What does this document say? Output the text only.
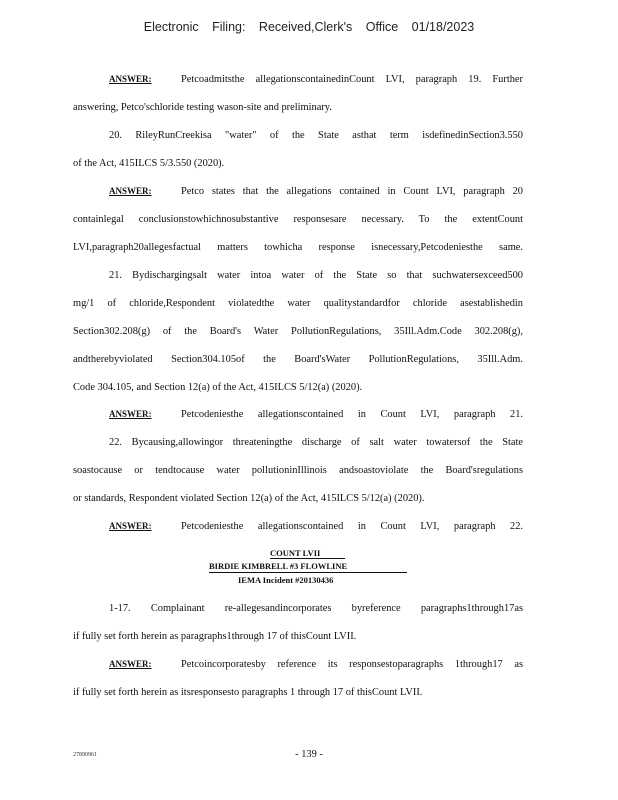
Electronic Filing: Received,Clerk's Office 01/18/2023
ANSWER:	Petcoadmitsthe allegationscontainedinCount LVI, paragraph 19. Further
answering, Petco'schloride testing wason-site and preliminary.
20. RileyRunCreekisa "water" of the State asthat term isdefinedinSection3.550
of the Act, 415ILCS 5/3.550 (2020).
ANSWER:	Petco states that the allegations contained in Count LVI, paragraph 20
containlegal conclusionstowhichnosubstantive responsesare necessary. To the extentCount
LVI,paragraph20allegesfactual matters towhicha response isnecessary,Petcodeniesthe same.
21. Bydischargingsalt water intoa water of the State so that suchwatersexceed500
mg/1 of chloride,Respondent violatedthe water qualitystandardfor chloride asestablishedin
Section302.208(g) of the Board's Water PollutionRegulations, 35Ill.Adm.Code 302.208(g),
andtherebyviolated Section304.105of the Board'sWater PollutionRegulations, 35Ill.Adm.
Code 304.105, and Section 12(a) of the Act, 415ILCS 5/12(a) (2020).
ANSWER:	Petcodeniesthe allegationscontained in Count LVI, paragraph 21.
22. Bycausing,allowingor threateningthe discharge of salt water towatersof the State
soastocause or tendtocause water pollutioninIllinois andsoastoviolate the Board'sregulations
or standards, Respondent violated Section 12(a) of the Act, 415ILCS 5/12(a) (2020).
ANSWER:	Petcodeniesthe allegationscontained in Count LVI, paragraph 22.
COUNT LVII
BIRDIE KIMBRELL #3 FLOWLINE
IEMA Incident #20130436
1-17. Complainant re-allegesandincorporates byreference paragraphs1through17as
if fully set forth herein as paragraphs1through 17 of thisCount LVII.
ANSWER:	Petcoincorporatesby reference its responsestoparagraphs 1through17 as
if fully set forth herein as itsresponsesto paragraphs 1 through 17 of thisCount LVII.
27890961	- 139 -
